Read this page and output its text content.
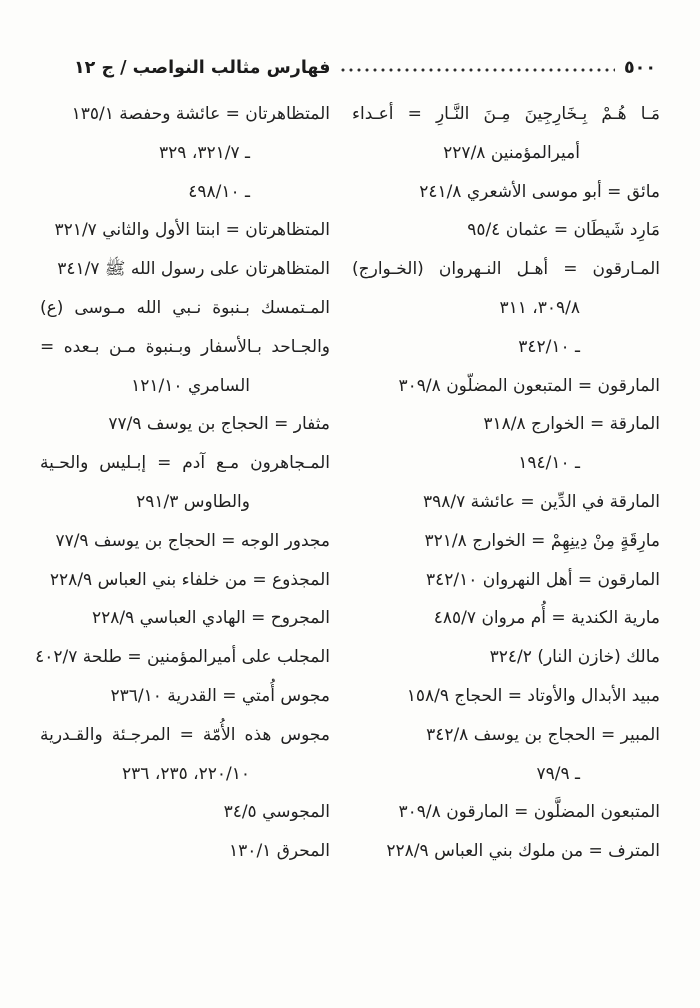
فهارس مثالب النواصب / ج ١٢	٥٠٠
مَـا هُـمْ بِـخَارِجِينَ مِـنَ النَّـارِ = أعـداء
أميرالمؤمنين ٢٢٧/٨
مائق = أبو موسى الأشعري ٢٤١/٨
مَارِد شَيطَان = عثمان ٩٥/٤
المـارقون = أهـل النـهروان (الخـوارج)
٣٠٩/٨، ٣١١
ـ ٣٤٢/١٠
المارقون = المتبعون المضلّون ٣٠٩/٨
المارقة = الخوارج ٣١٨/٨
ـ ١٩٤/١٠
المارقة في الدِّين = عائشة ٣٩٨/٧
مارِقَةٍ مِنْ دِينِهِمْ = الخوارج ٣٢١/٨
المارقون = أهل النهروان ٣٤٢/١٠
مارية الكندية = أُم مروان ٤٨٥/٧
مالك (خازن النار) ٣٢٤/٢
مبيد الأبدال والأوتاد = الحجاج ١٥٨/٩
المبير = الحجاج بن يوسف ٣٤٢/٨
ـ ٧٩/٩
المتبعون المضلَّون = المارقون ٣٠٩/٨
المترف = من ملوك بني العباس ٢٢٨/٩
المتظاهرتان = عائشة وحفصة ١٣٥/١
ـ ٣٢١/٧، ٣٢٩
ـ ٤٩٨/١٠
المتظاهرتان = ابنتا الأول والثاني ٣٢١/٧
المتظاهرتان على رسول الله ﷺ ٣٤١/٧
المـتمسك بـنبوة نـبي الله مـوسى (ع)
والجـاحد بـالأسفار وبـنبوة مـن بـعده =
السامري ١٢١/١٠
مثفار = الحجاج بن يوسف ٧٧/٩
المـجاهرون مـع آدم = إبـليس والحـية
والطاوس ٢٩١/٣
مجدور الوجه = الحجاج بن يوسف ٧٧/٩
المجذوع = من خلفاء بني العباس ٢٢٨/٩
المجروح = الهادي العباسي ٢٢٨/٩
المجلب على أميرالمؤمنين = طلحة ٤٠٢/٧
مجوس أُمتي = القدرية ٢٣٦/١٠
مجوس هذه الأُمّة = المرجـئة والقـدرية
٢٢٠/١٠، ٢٣٥، ٢٣٦
المجوسي ٣٤/٥
المحرق ١٣٠/١
